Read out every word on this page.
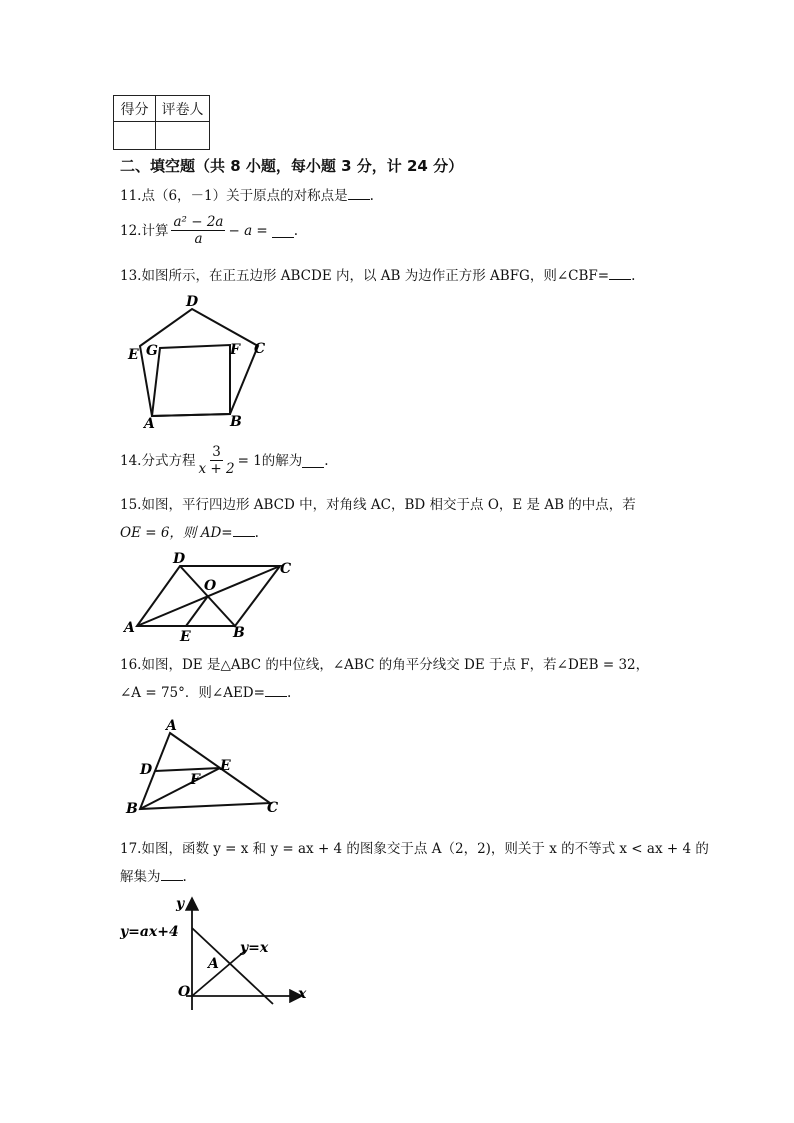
得分	评卷人

二、填空题（共 8 小题，每小题 3 分，计 24 分）
11.点（6，－1）关于原点的对称点是 .
12.计算 $\frac{\text{a² − 2a}}{a} - a$ = .
13.如图所示，在正五边形 ABCDE 内，以 AB 为边作正方形 ABFG，则∠CBF= .
D
E G	F C
A	B
14.分式方程 $\frac{3}{x + 2} = 1$的解为 .
15.如图，平行四边形 ABCD 中，对角线 AC，BD 相交于点 O，E 是 AB 的中点，若
OE = 6，则 AD= .
D
C
O
A
E	B
16.如图，DE 是△ABC 的中位线，∠ABC 的角平分线交 DE 于点 F，若∠DEB = 32，
∠A = 75°．则∠AED= .
A
D	E
F
B	C
17.如图，函数 y = x 和 y = ax + 4 的图象交于点 A（2，2)，则关于 x 的不等式 x < ax + 4 的
解集为 .
y
y=ax+4
A
y=x
O	x
